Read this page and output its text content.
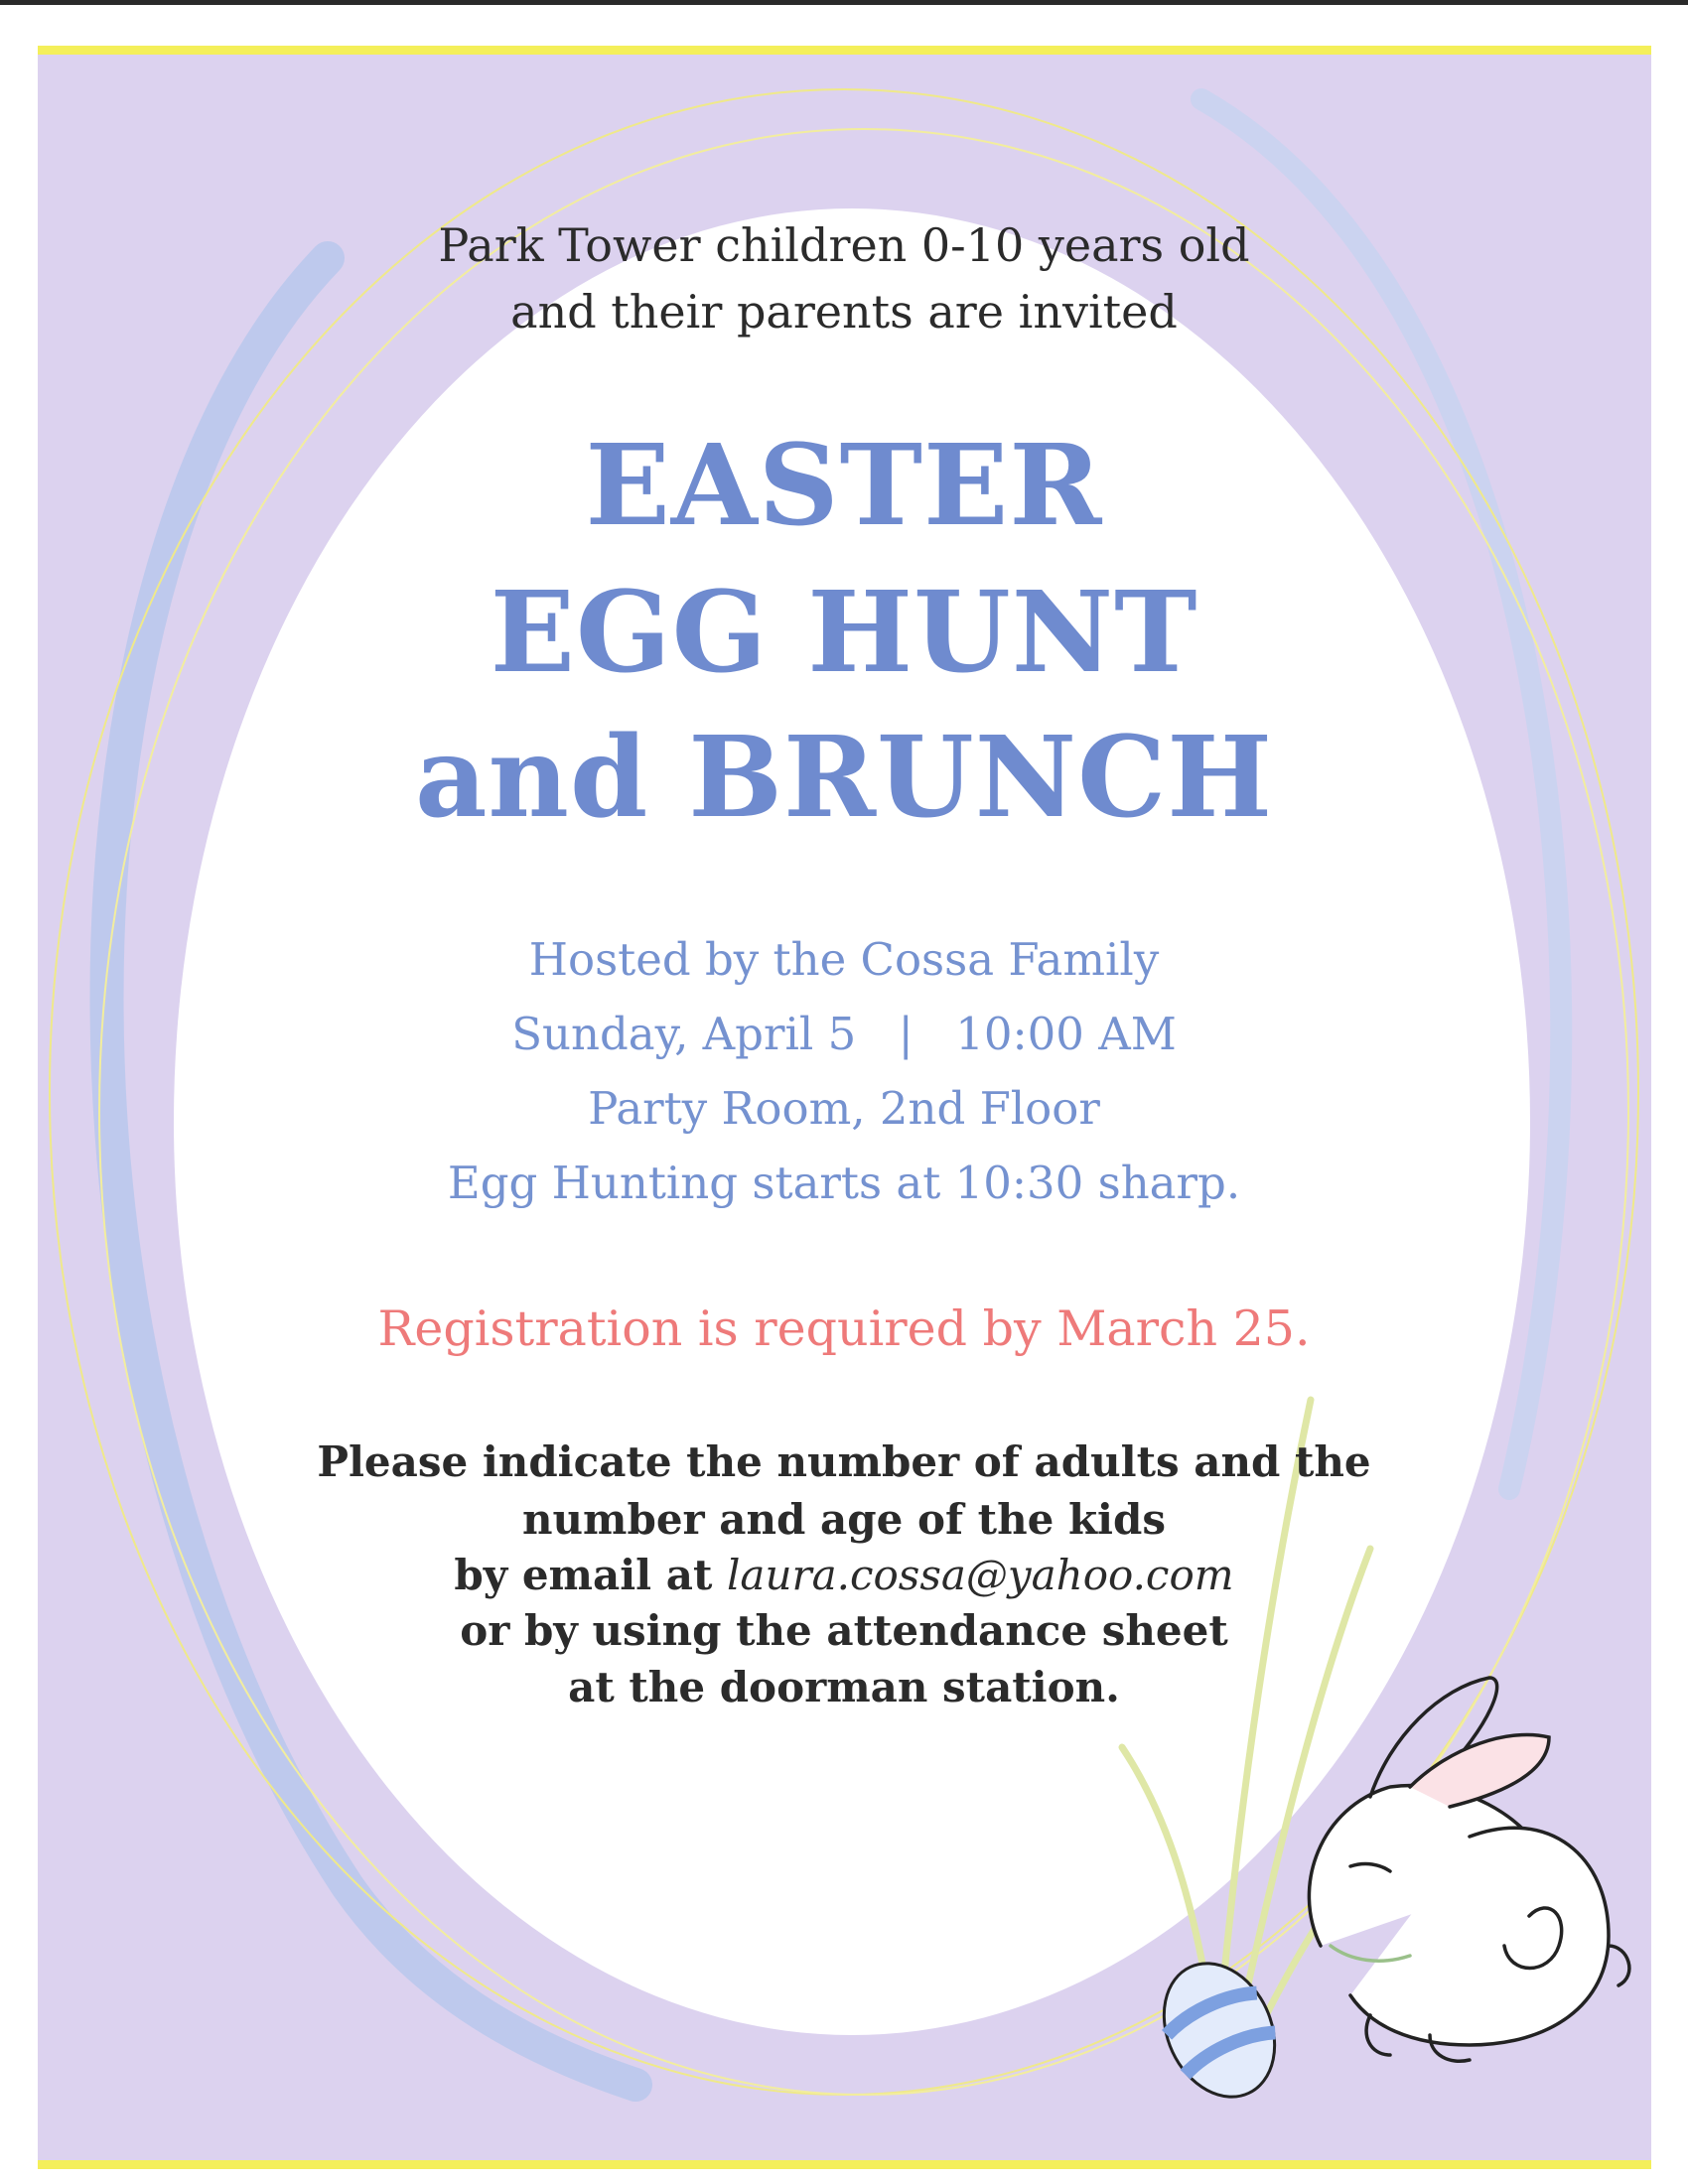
Park Tower children 0-10 years old
and their parents are invited
EASTER
EGG HUNT
and BRUNCH
Hosted by the Cossa Family
Sunday, April 5 | 10:00 AM
Party Room, 2nd Floor
Egg Hunting starts at 10:30 sharp.
Registration is required by March 25.
Please indicate the number of adults and the
number and age of the kids
by email at laura.cossa@yahoo.com
or by using the attendance sheet
at the doorman station.
